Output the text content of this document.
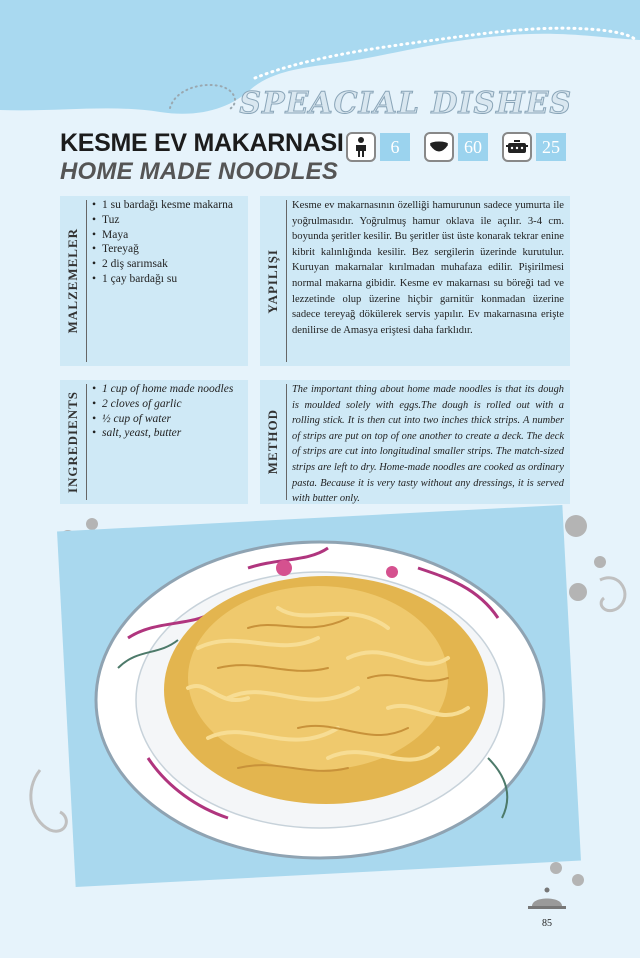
SPEACIAL DISHES
KESME EV MAKARNASI
HOME MADE NOODLES
6	60	25
MALZEMELER
• 1 su bardağı kesme makarna
• Tuz
• Maya
• Tereyağ
• 2 diş sarımsak
• 1 çay bardağı su	YAPILIŞI
Kesme ev makarnasının özelliği hamurunun sadece yumurta ile yoğrulmasıdır. Yoğrulmuş hamur oklava ile açılır. 3-4 cm. boyunda şeritler kesilir. Bu şeritler üst üste konarak tekrar enine kibrit kalınlığında kesilir. Bez sergilerin üzerinde kurutulur. Kuruyan makarnalar kırılmadan muhafaza edilir. Pişirilmesi normal makarna gibidir. Kesme ev makarnası su böreği tad ve lezzetinde olup üzerine hiçbir garnitür konmadan üzerine sadece tereyağ dökülerek servis yapılır. Ev makarnasına erişte denilirse de Amasya eriştesi daha farklıdır.
INGREDIENTS
• 1 cup of home made noodles
• 2 cloves of garlic
• ½ cup of water
• salt, yeast, butter	METHOD
The important thing about home made noodles is that its dough is moulded solely with eggs.The dough is rolled out with a rolling stick. It is then cut into two inches thick strips. A number of strips are put on top of one another to create a deck. The deck of strips are cut into longitudinal smaller strips. The match-sized strips are left to dry. Home-made noodles are cooked as ordinary pasta. Because it is very tasty without any dressings, it is served with butter only.
85
